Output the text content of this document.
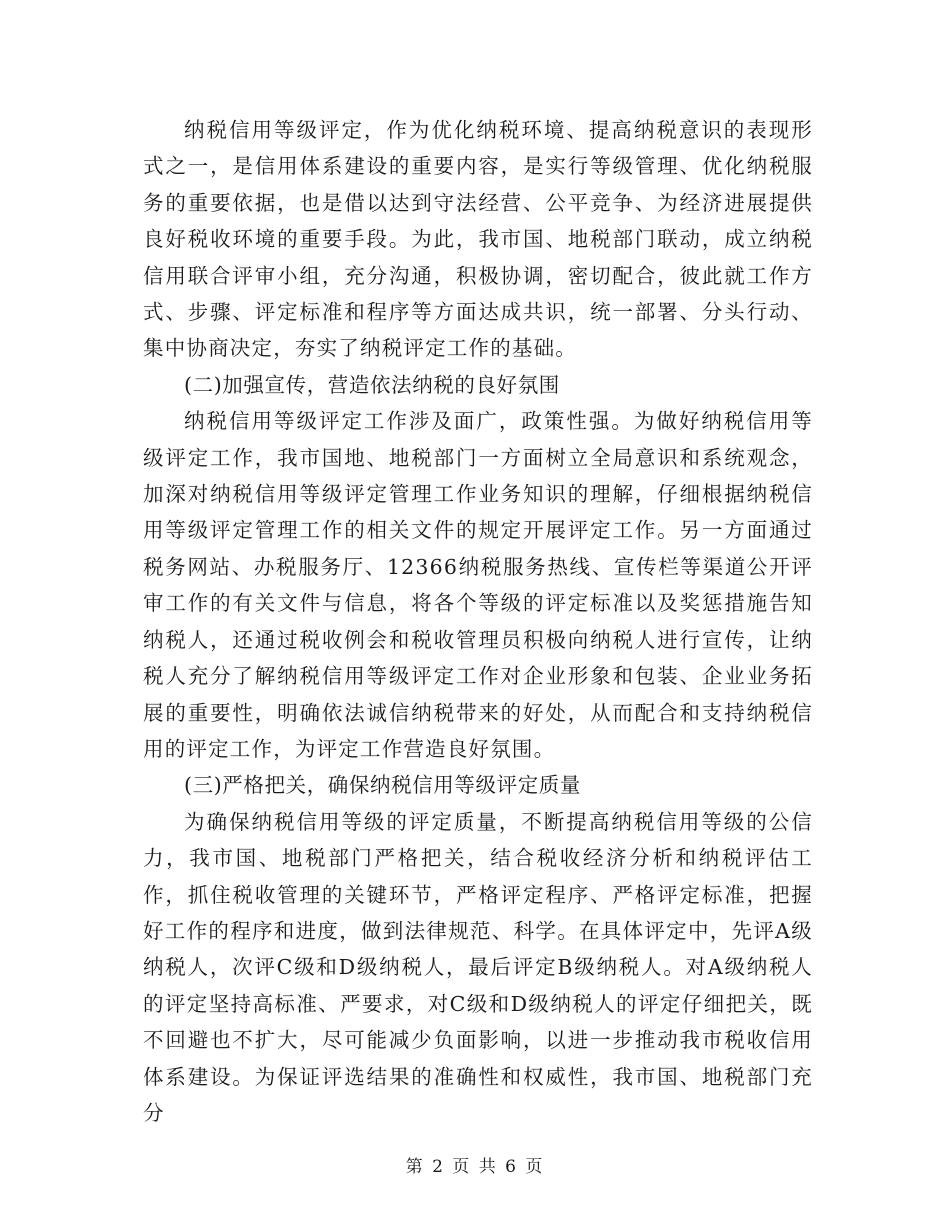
纳税信用等级评定，作为优化纳税环境、提高纳税意识的表现形式之一，是信用体系建设的重要内容，是实行等级管理、优化纳税服务的重要依据，也是借以达到守法经营、公平竞争、为经济进展提供良好税收环境的重要手段。为此，我市国、地税部门联动，成立纳税信用联合评审小组，充分沟通，积极协调，密切配合，彼此就工作方式、步骤、评定标准和程序等方面达成共识，统一部署、分头行动、集中协商决定，夯实了纳税评定工作的基础。

(二)加强宣传，营造依法纳税的良好氛围

纳税信用等级评定工作涉及面广，政策性强。为做好纳税信用等级评定工作，我市国地、地税部门一方面树立全局意识和系统观念，加深对纳税信用等级评定管理工作业务知识的理解，仔细根据纳税信用等级评定管理工作的相关文件的规定开展评定工作。另一方面通过税务网站、办税服务厅、12366纳税服务热线、宣传栏等渠道公开评审工作的有关文件与信息，将各个等级的评定标准以及奖惩措施告知纳税人，还通过税收例会和税收管理员积极向纳税人进行宣传，让纳税人充分了解纳税信用等级评定工作对企业形象和包装、企业业务拓展的重要性，明确依法诚信纳税带来的好处，从而配合和支持纳税信用的评定工作，为评定工作营造良好氛围。

(三)严格把关，确保纳税信用等级评定质量

为确保纳税信用等级的评定质量，不断提高纳税信用等级的公信力，我市国、地税部门严格把关，结合税收经济分析和纳税评估工作，抓住税收管理的关键环节，严格评定程序、严格评定标准，把握好工作的程序和进度，做到法律规范、科学。在具体评定中，先评A级纳税人，次评C级和D级纳税人，最后评定B级纳税人。对A级纳税人的评定坚持高标准、严要求，对C级和D级纳税人的评定仔细把关，既不回避也不扩大，尽可能减少负面影响，以进一步推动我市税收信用体系建设。为保证评选结果的准确性和权威性，我市国、地税部门充分

第 2 页 共 6 页
